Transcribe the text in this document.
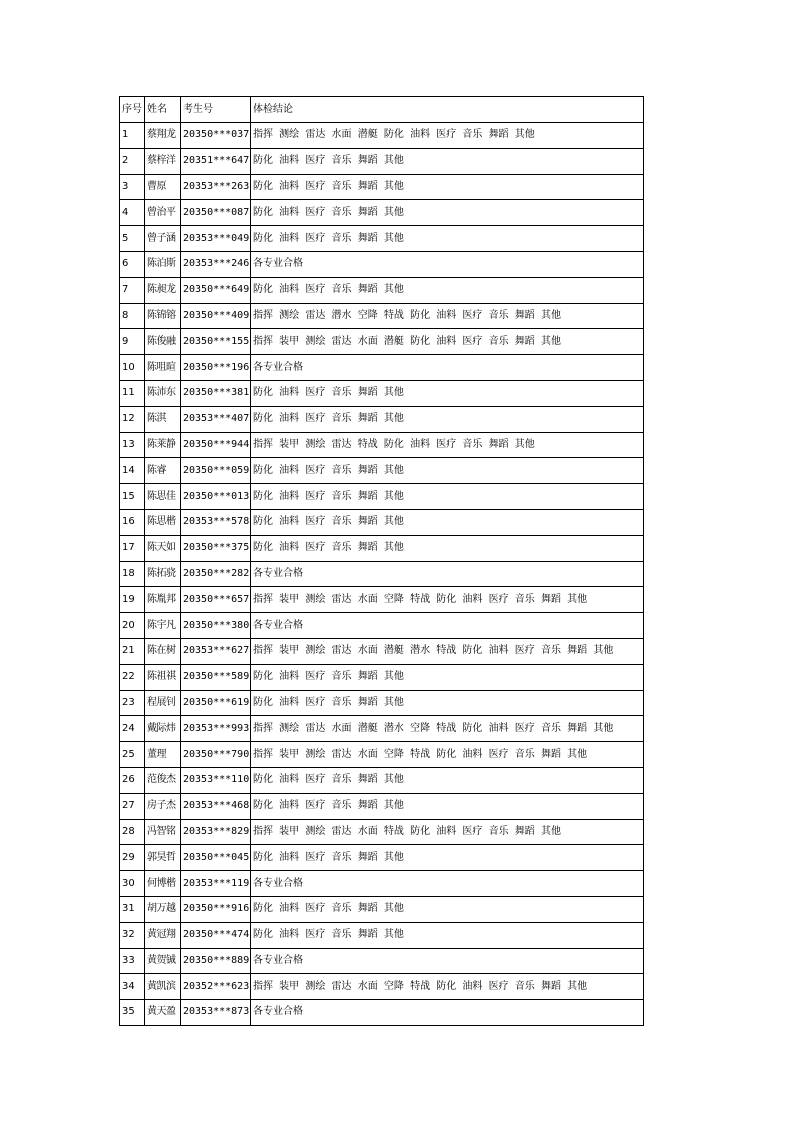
序号	姓名	考生号	体检结论
1	蔡翔龙	20350***037	指挥 测绘 雷达 水面 潜艇 防化 油料 医疗 音乐 舞蹈 其他
2	蔡梓洋	20351***647	防化 油料 医疗 音乐 舞蹈 其他
3	曹原	20353***263	防化 油料 医疗 音乐 舞蹈 其他
4	曾治平	20350***087	防化 油料 医疗 音乐 舞蹈 其他
5	曾子涵	20353***049	防化 油料 医疗 音乐 舞蹈 其他
6	陈泊斯	20353***246	各专业合格
7	陈昶龙	20350***649	防化 油料 医疗 音乐 舞蹈 其他
8	陈锦镕	20350***409	指挥 测绘 雷达 潜水 空降 特战 防化 油料 医疗 音乐 舞蹈 其他
9	陈俊融	20350***155	指挥 装甲 测绘 雷达 水面 潜艇 防化 油料 医疗 音乐 舞蹈 其他
10	陈咀暄	20350***196	各专业合格
11	陈沛东	20350***381	防化 油料 医疗 音乐 舞蹈 其他
12	陈淇	20353***407	防化 油料 医疗 音乐 舞蹈 其他
13	陈莱静	20350***944	指挥 装甲 测绘 雷达 特战 防化 油料 医疗 音乐 舞蹈 其他
14	陈睿	20350***059	防化 油料 医疗 音乐 舞蹈 其他
15	陈思佳	20350***013	防化 油料 医疗 音乐 舞蹈 其他
16	陈思楷	20353***578	防化 油料 医疗 音乐 舞蹈 其他
17	陈天如	20350***375	防化 油料 医疗 音乐 舞蹈 其他
18	陈拓骁	20350***282	各专业合格
19	陈胤邦	20350***657	指挥 装甲 测绘 雷达 水面 空降 特战 防化 油料 医疗 音乐 舞蹈 其他
20	陈宇凡	20350***380	各专业合格
21	陈在树	20353***627	指挥 装甲 测绘 雷达 水面 潜艇 潜水 特战 防化 油料 医疗 音乐 舞蹈 其他
22	陈祖祺	20350***589	防化 油料 医疗 音乐 舞蹈 其他
23	程展钊	20350***619	防化 油料 医疗 音乐 舞蹈 其他
24	戴际炜	20353***993	指挥 测绘 雷达 水面 潜艇 潜水 空降 特战 防化 油料 医疗 音乐 舞蹈 其他
25	董理	20350***790	指挥 装甲 测绘 雷达 水面 空降 特战 防化 油料 医疗 音乐 舞蹈 其他
26	范俊杰	20353***110	防化 油料 医疗 音乐 舞蹈 其他
27	房子杰	20353***468	防化 油料 医疗 音乐 舞蹈 其他
28	冯智铭	20353***829	指挥 装甲 测绘 雷达 水面 特战 防化 油料 医疗 音乐 舞蹈 其他
29	郭昊哲	20350***045	防化 油料 医疗 音乐 舞蹈 其他
30	何博楷	20353***119	各专业合格
31	胡万越	20350***916	防化 油料 医疗 音乐 舞蹈 其他
32	黄冠翔	20350***474	防化 油料 医疗 音乐 舞蹈 其他
33	黄贺铖	20350***889	各专业合格
34	黄凯滨	20352***623	指挥 装甲 测绘 雷达 水面 空降 特战 防化 油料 医疗 音乐 舞蹈 其他
35	黄天盈	20353***873	各专业合格
